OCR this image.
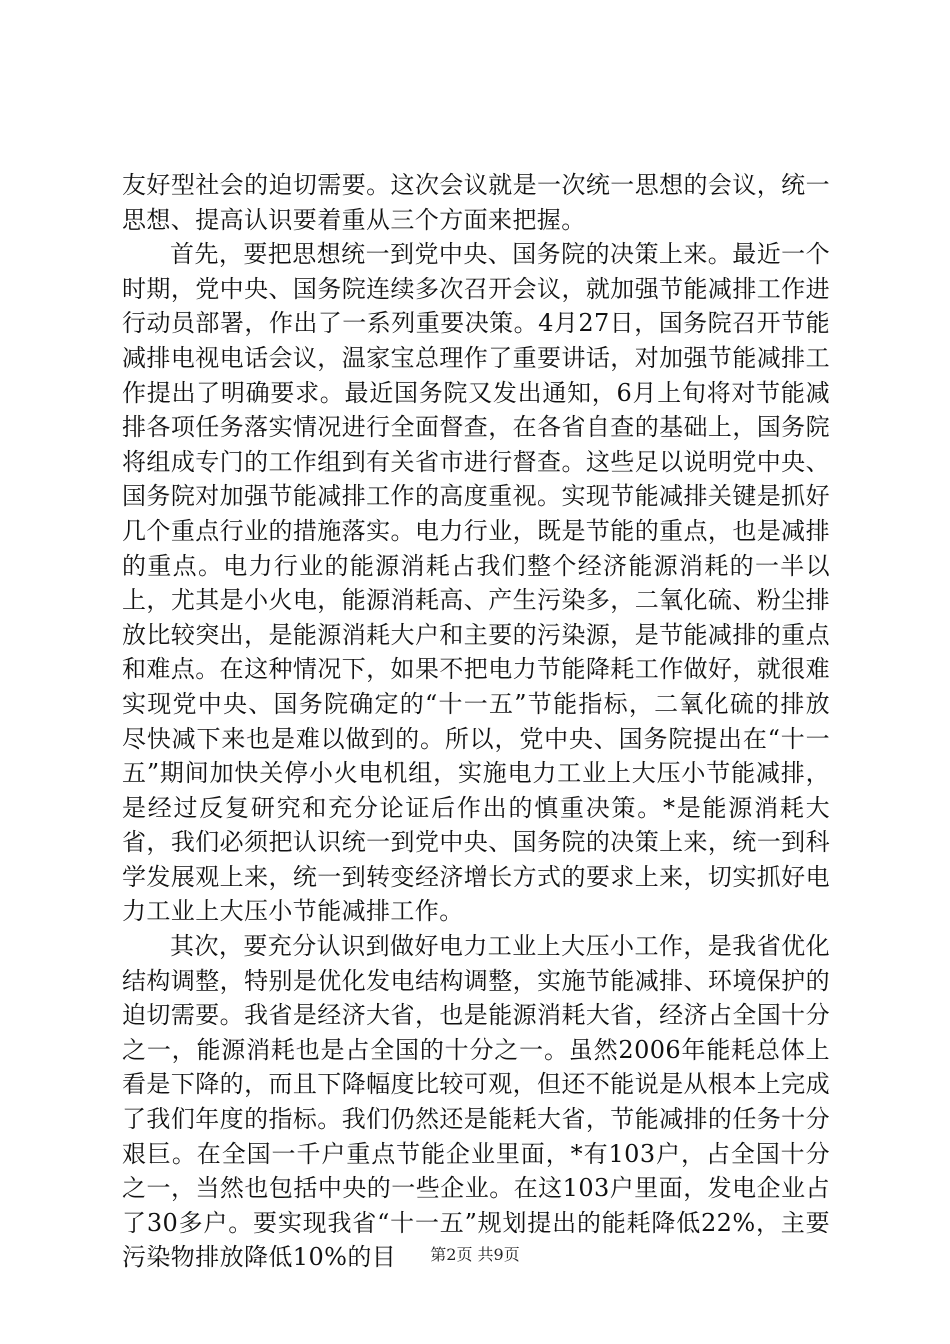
友好型社会的迫切需要。这次会议就是一次统一思想的会议，统一思想、提高认识要着重从三个方面来把握。

首先，要把思想统一到党中央、国务院的决策上来。最近一个时期，党中央、国务院连续多次召开会议，就加强节能减排工作进行动员部署，作出了一系列重要决策。4月27日，国务院召开节能减排电视电话会议，温家宝总理作了重要讲话，对加强节能减排工作提出了明确要求。最近国务院又发出通知，6月上旬将对节能减排各项任务落实情况进行全面督查，在各省自查的基础上，国务院将组成专门的工作组到有关省市进行督查。这些足以说明党中央、国务院对加强节能减排工作的高度重视。实现节能减排关键是抓好几个重点行业的措施落实。电力行业，既是节能的重点，也是减排的重点。电力行业的能源消耗占我们整个经济能源消耗的一半以上，尤其是小火电，能源消耗高、产生污染多，二氧化硫、粉尘排放比较突出，是能源消耗大户和主要的污染源，是节能减排的重点和难点。在这种情况下，如果不把电力节能降耗工作做好，就很难实现党中央、国务院确定的“十一五”节能指标，二氧化硫的排放尽快减下来也是难以做到的。所以，党中央、国务院提出在“十一五”期间加快关停小火电机组，实施电力工业上大压小节能减排，是经过反复研究和充分论证后作出的慎重决策。*是能源消耗大省，我们必须把认识统一到党中央、国务院的决策上来，统一到科学发展观上来，统一到转变经济增长方式的要求上来，切实抓好电力工业上大压小节能减排工作。

其次，要充分认识到做好电力工业上大压小工作，是我省优化结构调整，特别是优化发电结构调整，实施节能减排、环境保护的迫切需要。我省是经济大省，也是能源消耗大省，经济占全国十分之一，能源消耗也是占全国的十分之一。虽然2006年能耗总体上看是下降的，而且下降幅度比较可观，但还不能说是从根本上完成了我们年度的指标。我们仍然还是能耗大省，节能减排的任务十分艰巨。在全国一千户重点节能企业里面，*有103户，占全国十分之一，当然也包括中央的一些企业。在这103户里面，发电企业占了30多户。要实现我省“十一五”规划提出的能耗降低22%，主要污染物排放降低10%的目	第2页 共9页
